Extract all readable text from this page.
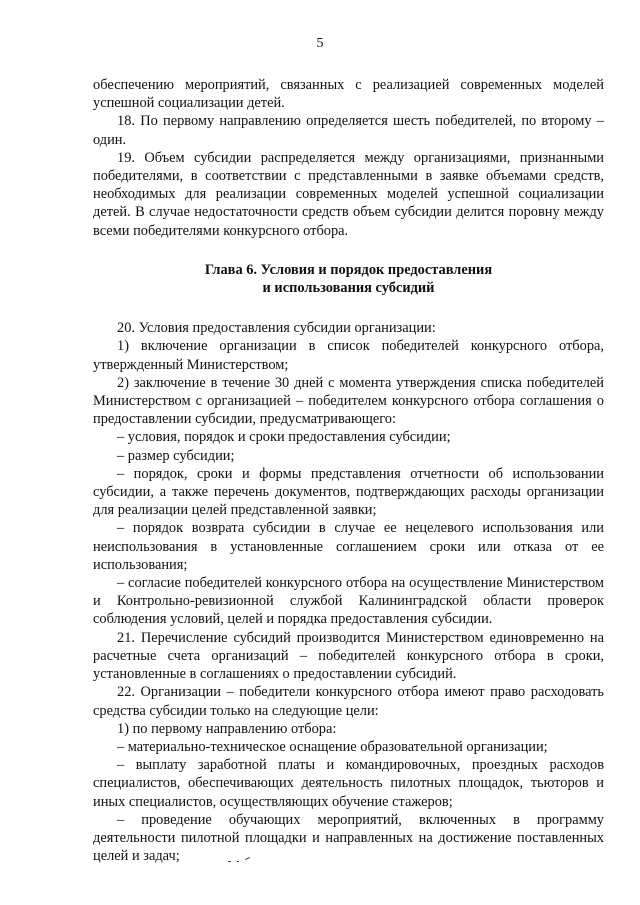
5

обеспечению мероприятий, связанных с реализацией современных моделей успешной социализации детей.

18. По первому направлению определяется шесть победителей, по второму – один.

19. Объем субсидии распределяется между организациями, признанными победителями, в соответствии с представленными в заявке объемами средств, необходимых для реализации современных моделей успешной социализации детей. В случае недостаточности средств объем субсидии делится поровну между всеми победителями конкурсного отбора.

Глава 6. Условия и порядок предоставления
и использования субсидий

20. Условия предоставления субсидии организации:

1) включение организации в список победителей конкурсного отбора, утвержденный Министерством;

2) заключение в течение 30 дней с момента утверждения списка победителей Министерством с организацией – победителем конкурсного отбора соглашения о предоставлении субсидии, предусматривающего:

– условия, порядок и сроки предоставления субсидии;

– размер субсидии;

– порядок, сроки и формы представления отчетности об использовании субсидии, а также перечень документов, подтверждающих расходы организации для реализации целей представленной заявки;

– порядок возврата субсидии в случае ее нецелевого использования или неиспользования в установленные соглашением сроки или отказа от ее использования;

– согласие победителей конкурсного отбора на осуществление Министерством и Контрольно-ревизионной службой Калининградской области проверок соблюдения условий, целей и порядка предоставления субсидии.

21. Перечисление субсидий производится Министерством единовременно на расчетные счета организаций – победителей конкурсного отбора в сроки, установленные в соглашениях о предоставлении субсидий.

22. Организации – победители конкурсного отбора имеют право расходовать средства субсидии только на следующие цели:

1) по первому направлению отбора:

– материально-техническое оснащение образовательной организации;

– выплату заработной платы и командировочных, проездных расходов специалистов, обеспечивающих деятельность пилотных площадок, тьюторов и иных специалистов, осуществляющих обучение стажеров;

– проведение обучающих мероприятий, включенных в программу деятельности пилотной площадки и направленных на достижение поставленных целей и задач;
